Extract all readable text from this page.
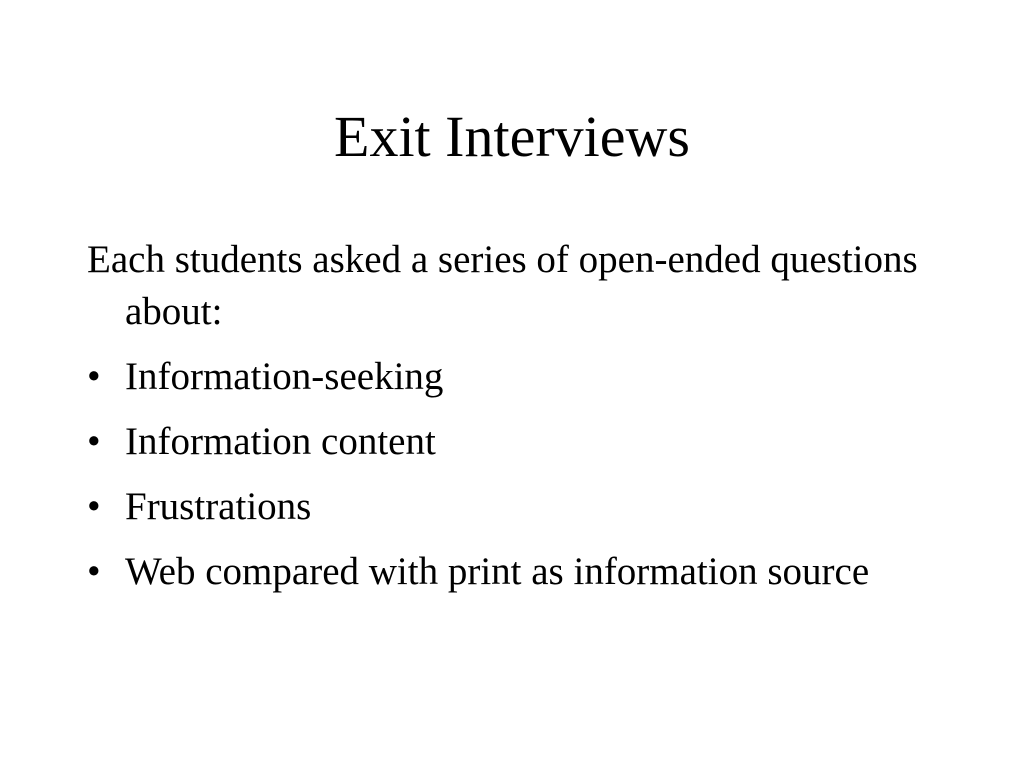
Exit Interviews

Each students asked a series of open-ended questions about:

• Information-seeking
• Information content
• Frustrations
• Web compared with print as information source
